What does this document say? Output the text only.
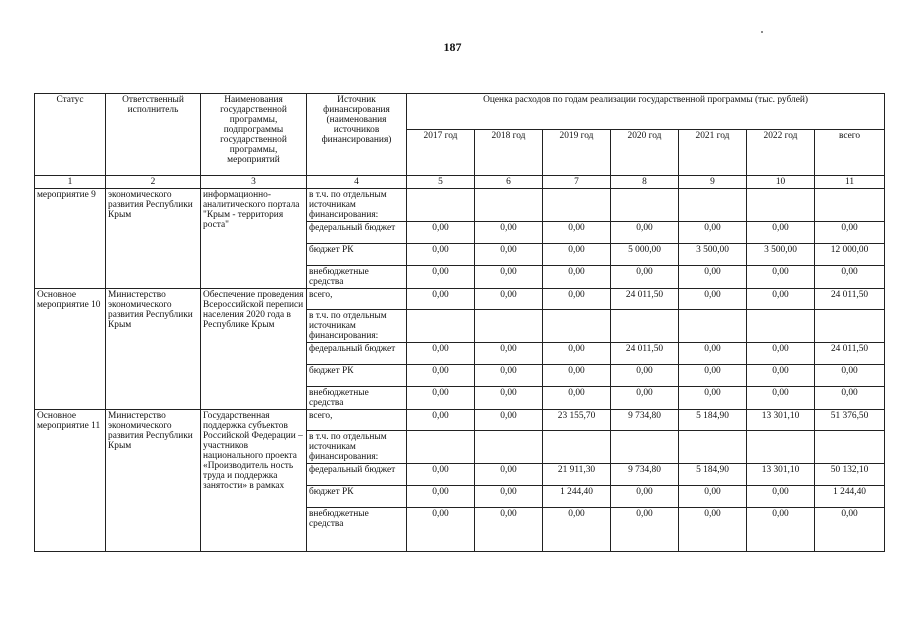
187
Статус	Ответственный исполнитель	Наименования государственной программы, подпрограммы государственной программы, мероприятий	Источник финансирования (наименования источников финансирования)	Оценка расходов по годам реализации государственной программы (тыс. рублей)						
				2017 год	2018 год	2019 год	2020 год	2021 год	2022 год	всего
1	2	3	4	5	6	7	8	9	10	11
мероприятие 9	экономического развития Республики Крым	информационно-аналитического портала "Крым - территория роста"	в т.ч. по отдельным источникам финансирования:							
			федеральный бюджет	0,00	0,00	0,00	0,00	0,00	0,00	0,00
			бюджет РК	0,00	0,00	0,00	5 000,00	3 500,00	3 500,00	12 000,00
			внебюджетные средства	0,00	0,00	0,00	0,00	0,00	0,00	0,00
Основное мероприятие 10	Министерство экономического развития Республики Крым	Обеспечение проведения Всероссийской переписи населения 2020 года в Республике Крым	всего,	0,00	0,00	0,00	24 011,50	0,00	0,00	24 011,50
			в т.ч. по отдельным источникам финансирования:							
			федеральный бюджет	0,00	0,00	0,00	24 011,50	0,00	0,00	24 011,50
			бюджет РК	0,00	0,00	0,00	0,00	0,00	0,00	0,00
			внебюджетные средства	0,00	0,00	0,00	0,00	0,00	0,00	0,00
Основное мероприятие 11	Министерство экономического развития Республики Крым	Государственная поддержка субъектов Российской Федерации – участников национального проекта «Производитель ность труда и поддержка занятости» в рамках	всего,	0,00	0,00	23 155,70	9 734,80	5 184,90	13 301,10	51 376,50
			в т.ч. по отдельным источникам финансирования:							
			федеральный бюджет	0,00	0,00	21 911,30	9 734,80	5 184,90	13 301,10	50 132,10
			бюджет РК	0,00	0,00	1 244,40	0,00	0,00	0,00	1 244,40
			внебюджетные средства	0,00	0,00	0,00	0,00	0,00	0,00	0,00
